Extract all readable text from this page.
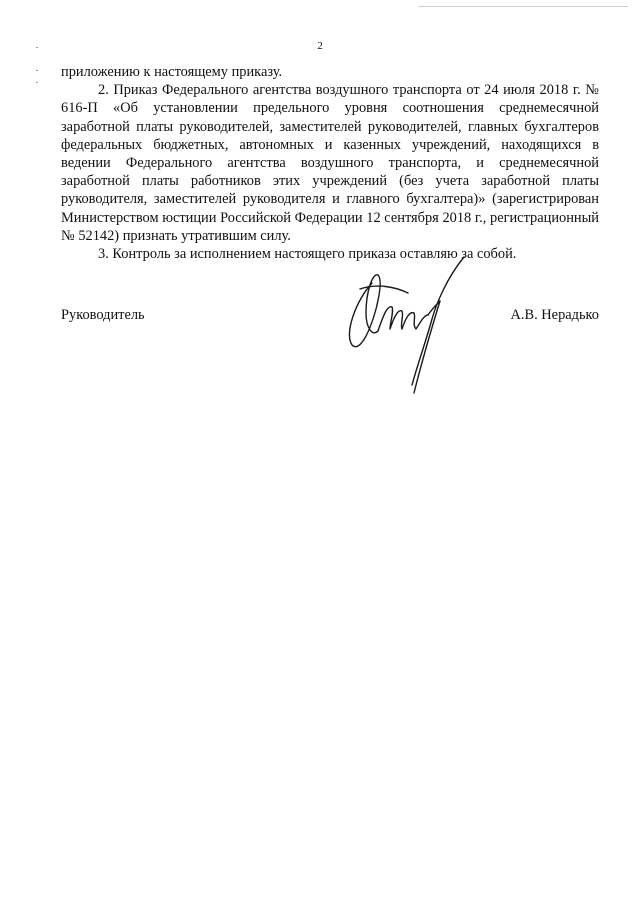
2

приложению к настоящему приказу.

2. Приказ Федерального агентства воздушного транспорта от 24 июля 2018 г. № 616-П «Об установлении предельного уровня соотношения среднемесячной заработной платы руководителей, заместителей руководителей, главных бухгалтеров федеральных бюджетных, автономных и казенных учреждений, находящихся в ведении Федерального агентства воздушного транспорта, и среднемесячной заработной платы работников этих учреждений (без учета заработной платы руководителя, заместителей руководителя и главного бухгалтера)» (зарегистрирован Министерством юстиции Российской Федерации 12 сентября 2018 г., регистрационный № 52142) признать утратившим силу.

3. Контроль за исполнением настоящего приказа оставляю за собой.

Руководитель	А.В. Нерадько
